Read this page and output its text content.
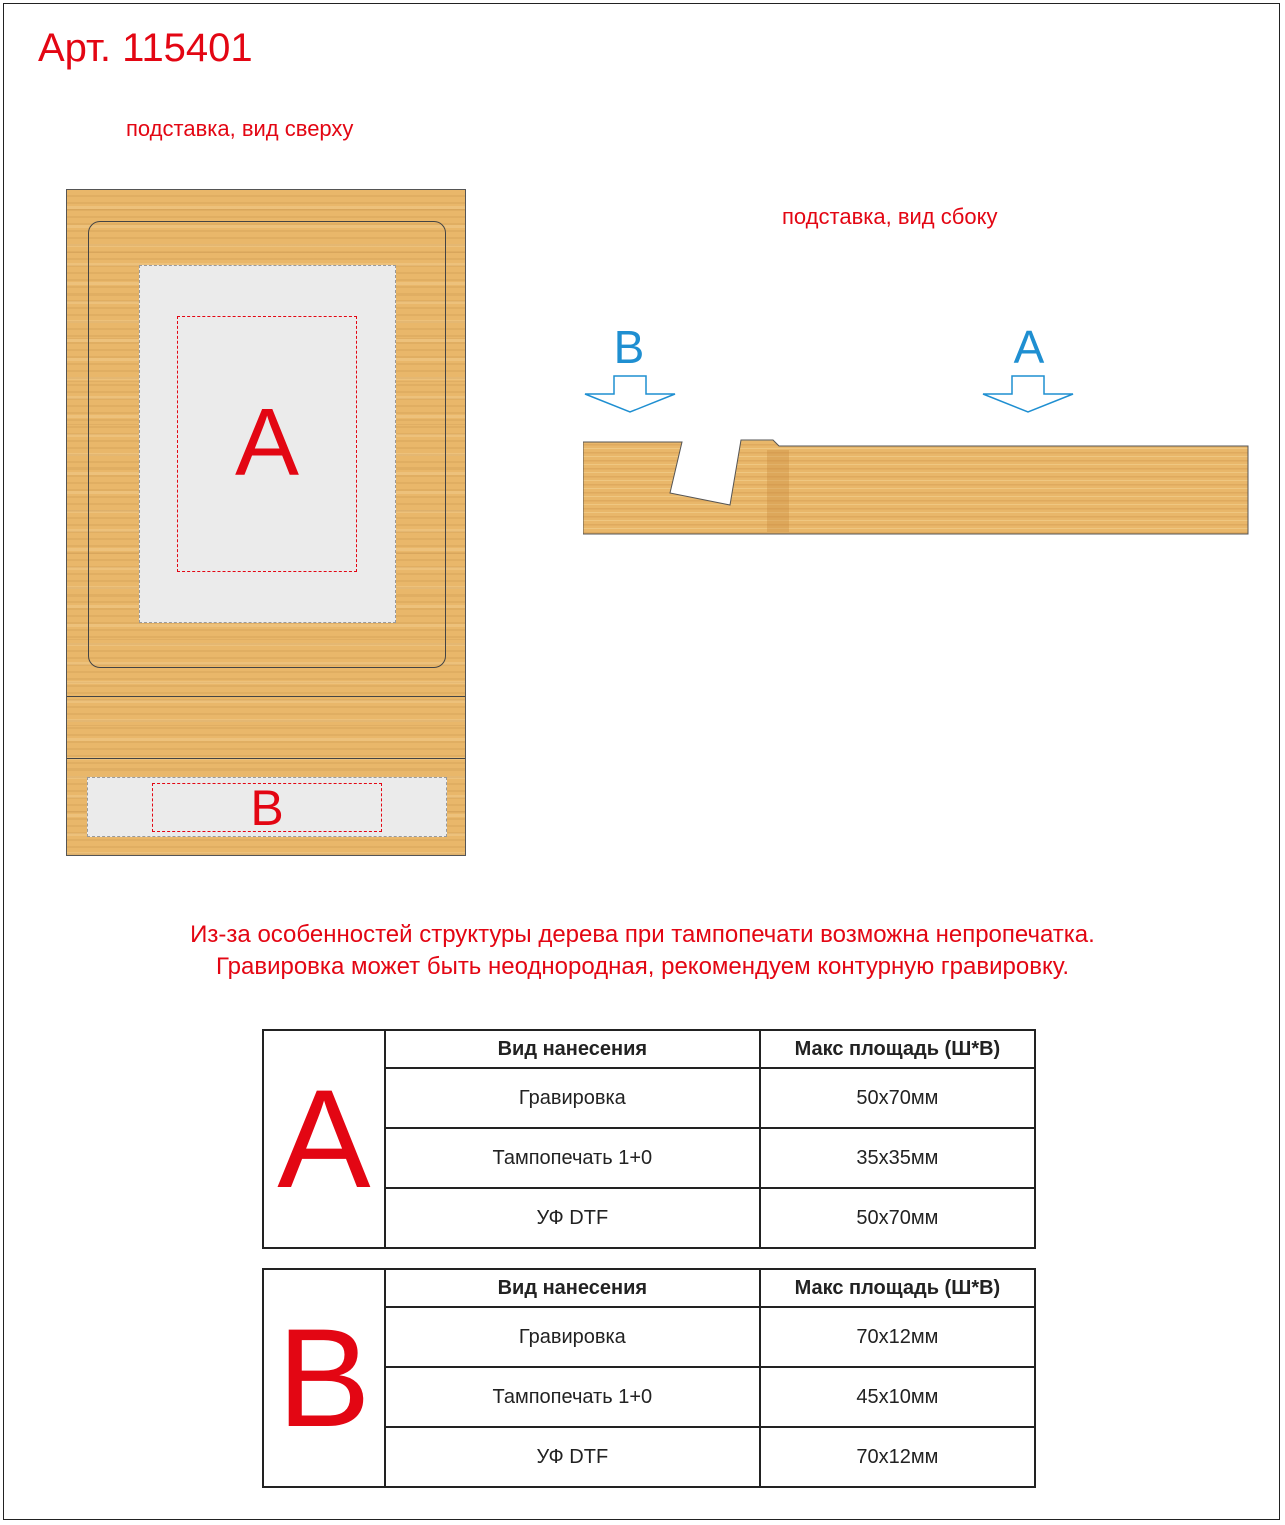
Арт. 115401
подставка, вид сверху
подставка, вид сбоку
A
B
B	A
Из-за особенностей структуры дерева при тампопечати возможна непропечатка.
Гравировка может быть неоднородная, рекомендуем контурную гравировку.
A	Вид нанесения	Макс площадь (Ш*В)
	Гравировка	50x70мм
	Тампопечать 1+0	35x35мм
	УФ DTF	50x70мм
B	Вид нанесения	Макс площадь (Ш*В)
	Гравировка	70x12мм
	Тампопечать 1+0	45x10мм
	УФ DTF	70x12мм
